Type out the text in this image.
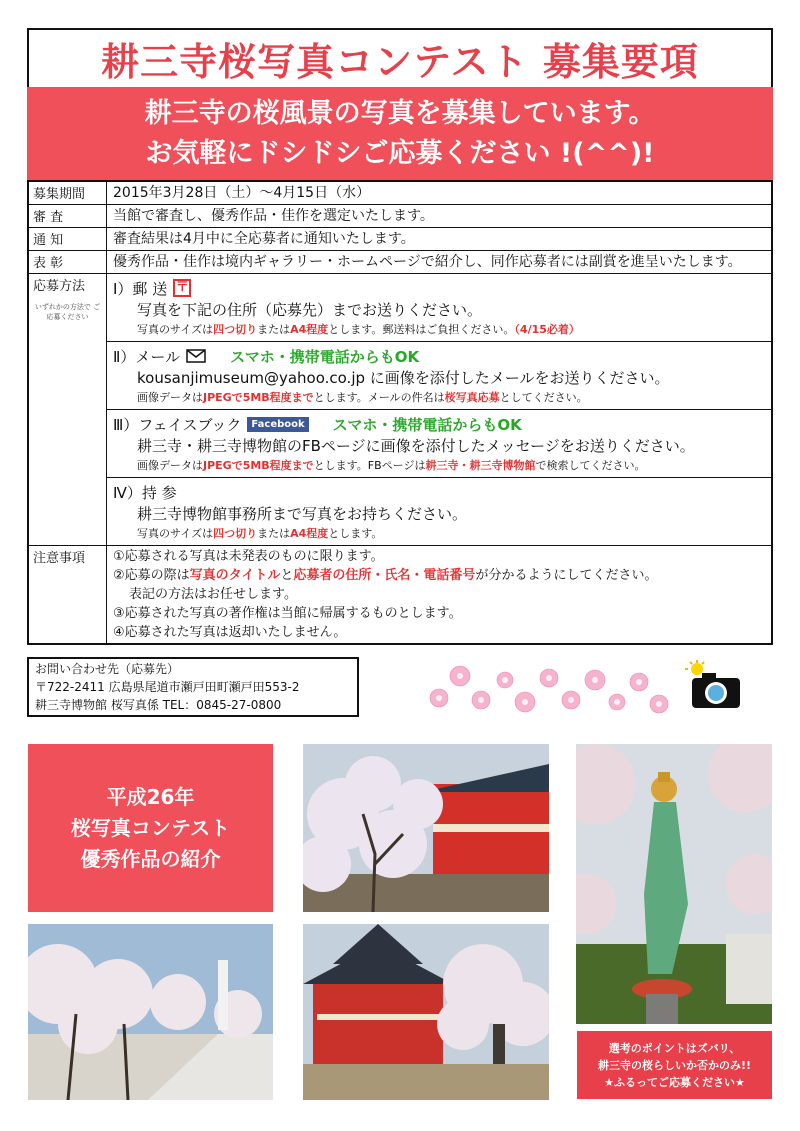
耕三寺桜写真コンテスト 募集要項
耕三寺の桜風景の写真を募集しています。
お気軽にドシドシご応募ください !(^^)!
募集期間	2015年3月28日（土）～4月15日（水）
審 査	当館で審査し、優秀作品・佳作を選定いたします。
通 知	審査結果は4月中に全応募者に通知いたします。
表 彰	優秀作品・佳作は境内ギャラリー・ホームページで紹介し、同作応募者には副賞を進呈いたします。
応募方法
いずれかの方法で ご応募ください
Ⅰ）郵 送 〒
写真を下記の住所（応募先）までお送りください。
写真のサイズは四つ切りまたはA4程度とします。郵送料はご負担ください。（4/15必着）
Ⅱ）メール	スマホ・携帯電話からもOK
kousanjimuseum@yahoo.co.jp に画像を添付したメールをお送りください。
画像データはJPEGで5MB程度までとします。メールの件名は桜写真応募としてください。
Ⅲ）フェイスブック	Facebook スマホ・携帯電話からもOK
耕三寺・耕三寺博物館のFBページに画像を添付したメッセージをお送りください。
画像データはJPEGで5MB程度までとします。FBページは耕三寺・耕三寺博物館で検索してください。
Ⅳ）持 参
耕三寺博物館事務所まで写真をお持ちください。
写真のサイズは四つ切りまたはA4程度とします。
注意事項	①応募される写真は未発表のものに限ります。
②応募の際は写真のタイトルと応募者の住所・氏名・電話番号が分かるようにしてください。
表記の方法はお任せします。
③応募された写真の著作権は当館に帰属するものとします。
④応募された写真は返却いたしません。
お問い合わせ先（応募先）
〒722-2411 広島県尾道市瀬戸田町瀬戸田553-2
耕三寺博物館 桜写真係 TEL：0845-27-0800
平成26年
桜写真コンテスト
優秀作品の紹介
選考のポイントはズバリ、
耕三寺の桜らしいか否かのみ!!
★ふるってご応募ください★
